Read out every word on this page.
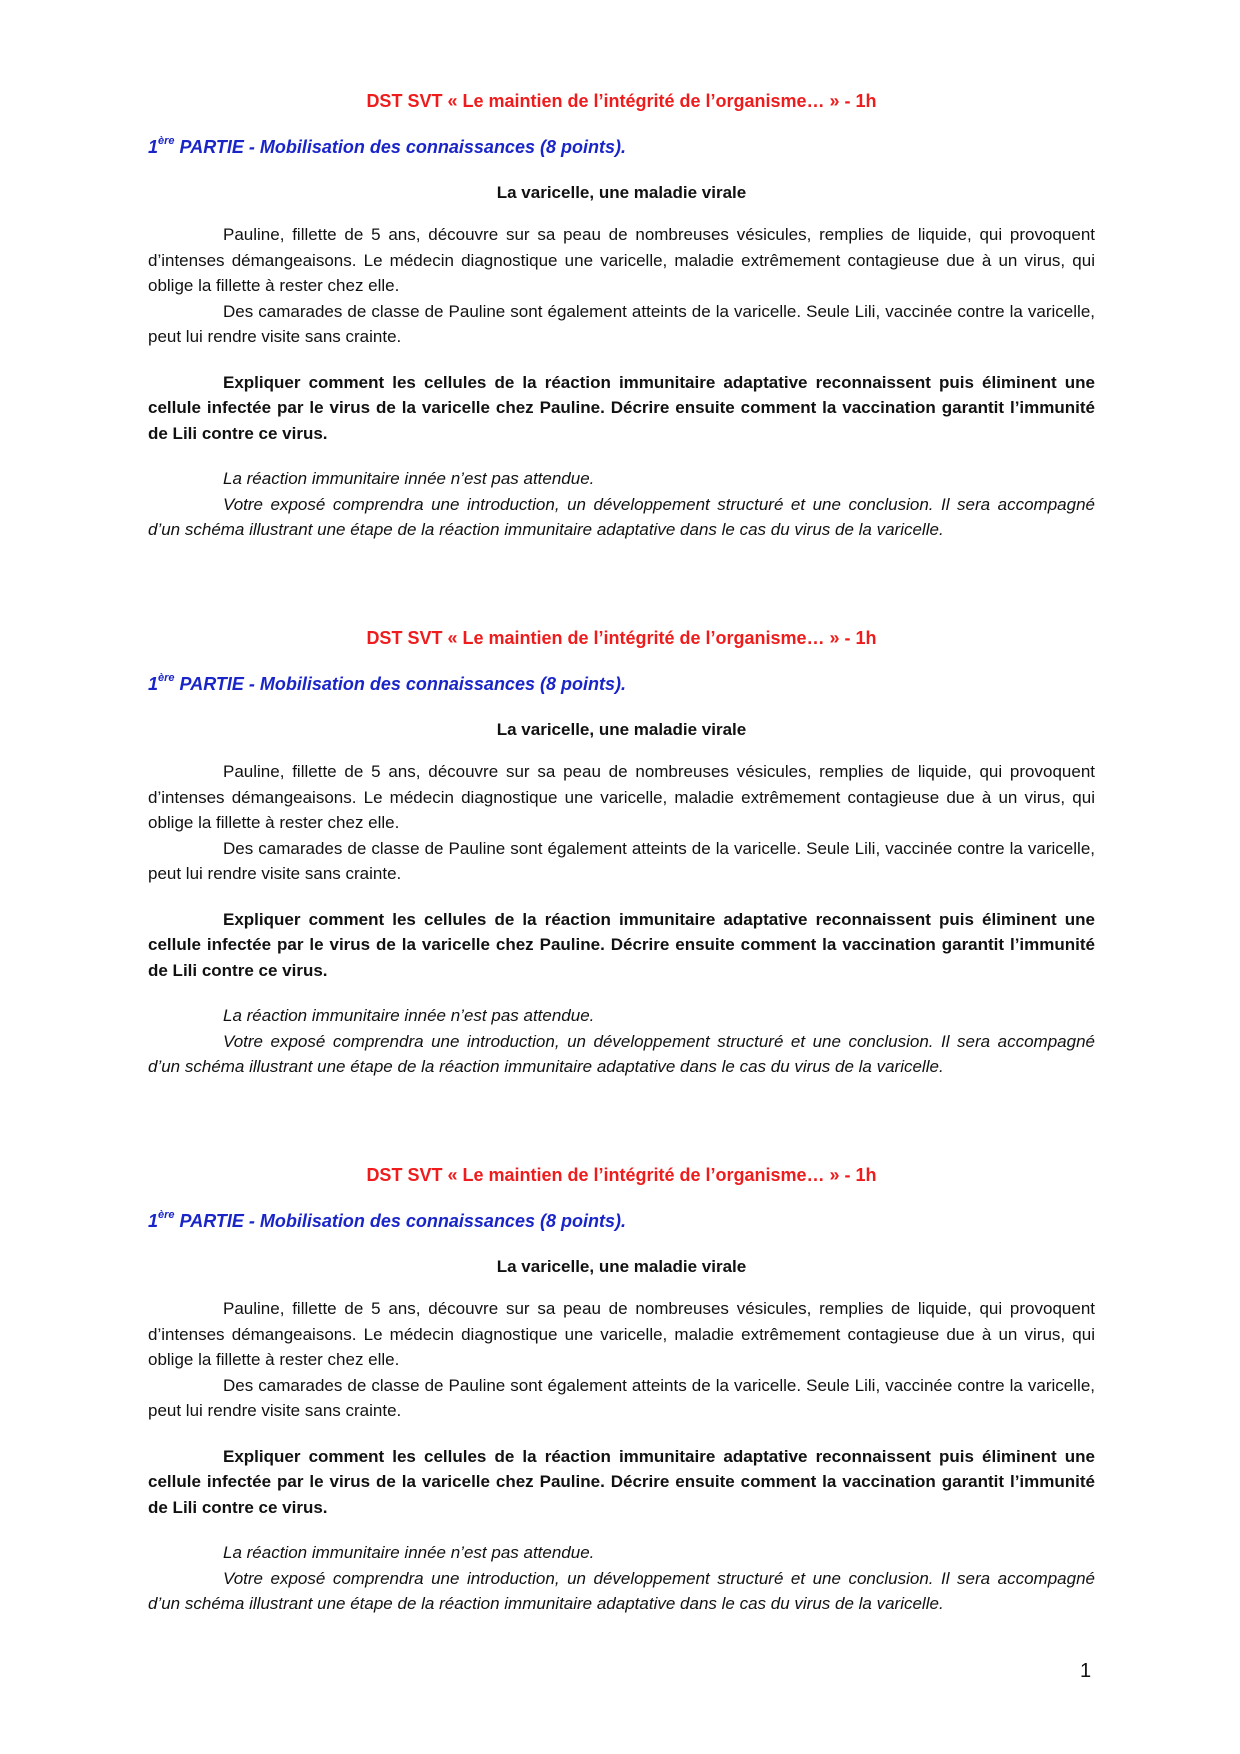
DST SVT « Le maintien de l’intégrité de l’organisme… » - 1h

1ère PARTIE - Mobilisation des connaissances (8 points).

La varicelle, une maladie virale

Pauline, fillette de 5 ans, découvre sur sa peau de nombreuses vésicules, remplies de liquide, qui provoquent d’intenses démangeaisons. Le médecin diagnostique une varicelle, maladie extrêmement contagieuse due à un virus, qui oblige la fillette à rester chez elle.

Des camarades de classe de Pauline sont également atteints de la varicelle. Seule Lili, vaccinée contre la varicelle, peut lui rendre visite sans crainte.

Expliquer comment les cellules de la réaction immunitaire adaptative reconnaissent puis éliminent une cellule infectée par le virus de la varicelle chez Pauline. Décrire ensuite comment la vaccination garantit l’immunité de Lili contre ce virus.

La réaction immunitaire innée n’est pas attendue.

Votre exposé comprendra une introduction, un développement structuré et une conclusion. Il sera accompagné d’un schéma illustrant une étape de la réaction immunitaire adaptative dans le cas du virus de la varicelle.

DST SVT « Le maintien de l’intégrité de l’organisme… » - 1h

1ère PARTIE - Mobilisation des connaissances (8 points).

La varicelle, une maladie virale

Pauline, fillette de 5 ans, découvre sur sa peau de nombreuses vésicules, remplies de liquide, qui provoquent d’intenses démangeaisons. Le médecin diagnostique une varicelle, maladie extrêmement contagieuse due à un virus, qui oblige la fillette à rester chez elle.

Des camarades de classe de Pauline sont également atteints de la varicelle. Seule Lili, vaccinée contre la varicelle, peut lui rendre visite sans crainte.

Expliquer comment les cellules de la réaction immunitaire adaptative reconnaissent puis éliminent une cellule infectée par le virus de la varicelle chez Pauline. Décrire ensuite comment la vaccination garantit l’immunité de Lili contre ce virus.

La réaction immunitaire innée n’est pas attendue.

Votre exposé comprendra une introduction, un développement structuré et une conclusion. Il sera accompagné d’un schéma illustrant une étape de la réaction immunitaire adaptative dans le cas du virus de la varicelle.

DST SVT « Le maintien de l’intégrité de l’organisme… » - 1h

1ère PARTIE - Mobilisation des connaissances (8 points).

La varicelle, une maladie virale

Pauline, fillette de 5 ans, découvre sur sa peau de nombreuses vésicules, remplies de liquide, qui provoquent d’intenses démangeaisons. Le médecin diagnostique une varicelle, maladie extrêmement contagieuse due à un virus, qui oblige la fillette à rester chez elle.

Des camarades de classe de Pauline sont également atteints de la varicelle. Seule Lili, vaccinée contre la varicelle, peut lui rendre visite sans crainte.

Expliquer comment les cellules de la réaction immunitaire adaptative reconnaissent puis éliminent une cellule infectée par le virus de la varicelle chez Pauline. Décrire ensuite comment la vaccination garantit l’immunité de Lili contre ce virus.

La réaction immunitaire innée n’est pas attendue.

Votre exposé comprendra une introduction, un développement structuré et une conclusion. Il sera accompagné d’un schéma illustrant une étape de la réaction immunitaire adaptative dans le cas du virus de la varicelle.

1
